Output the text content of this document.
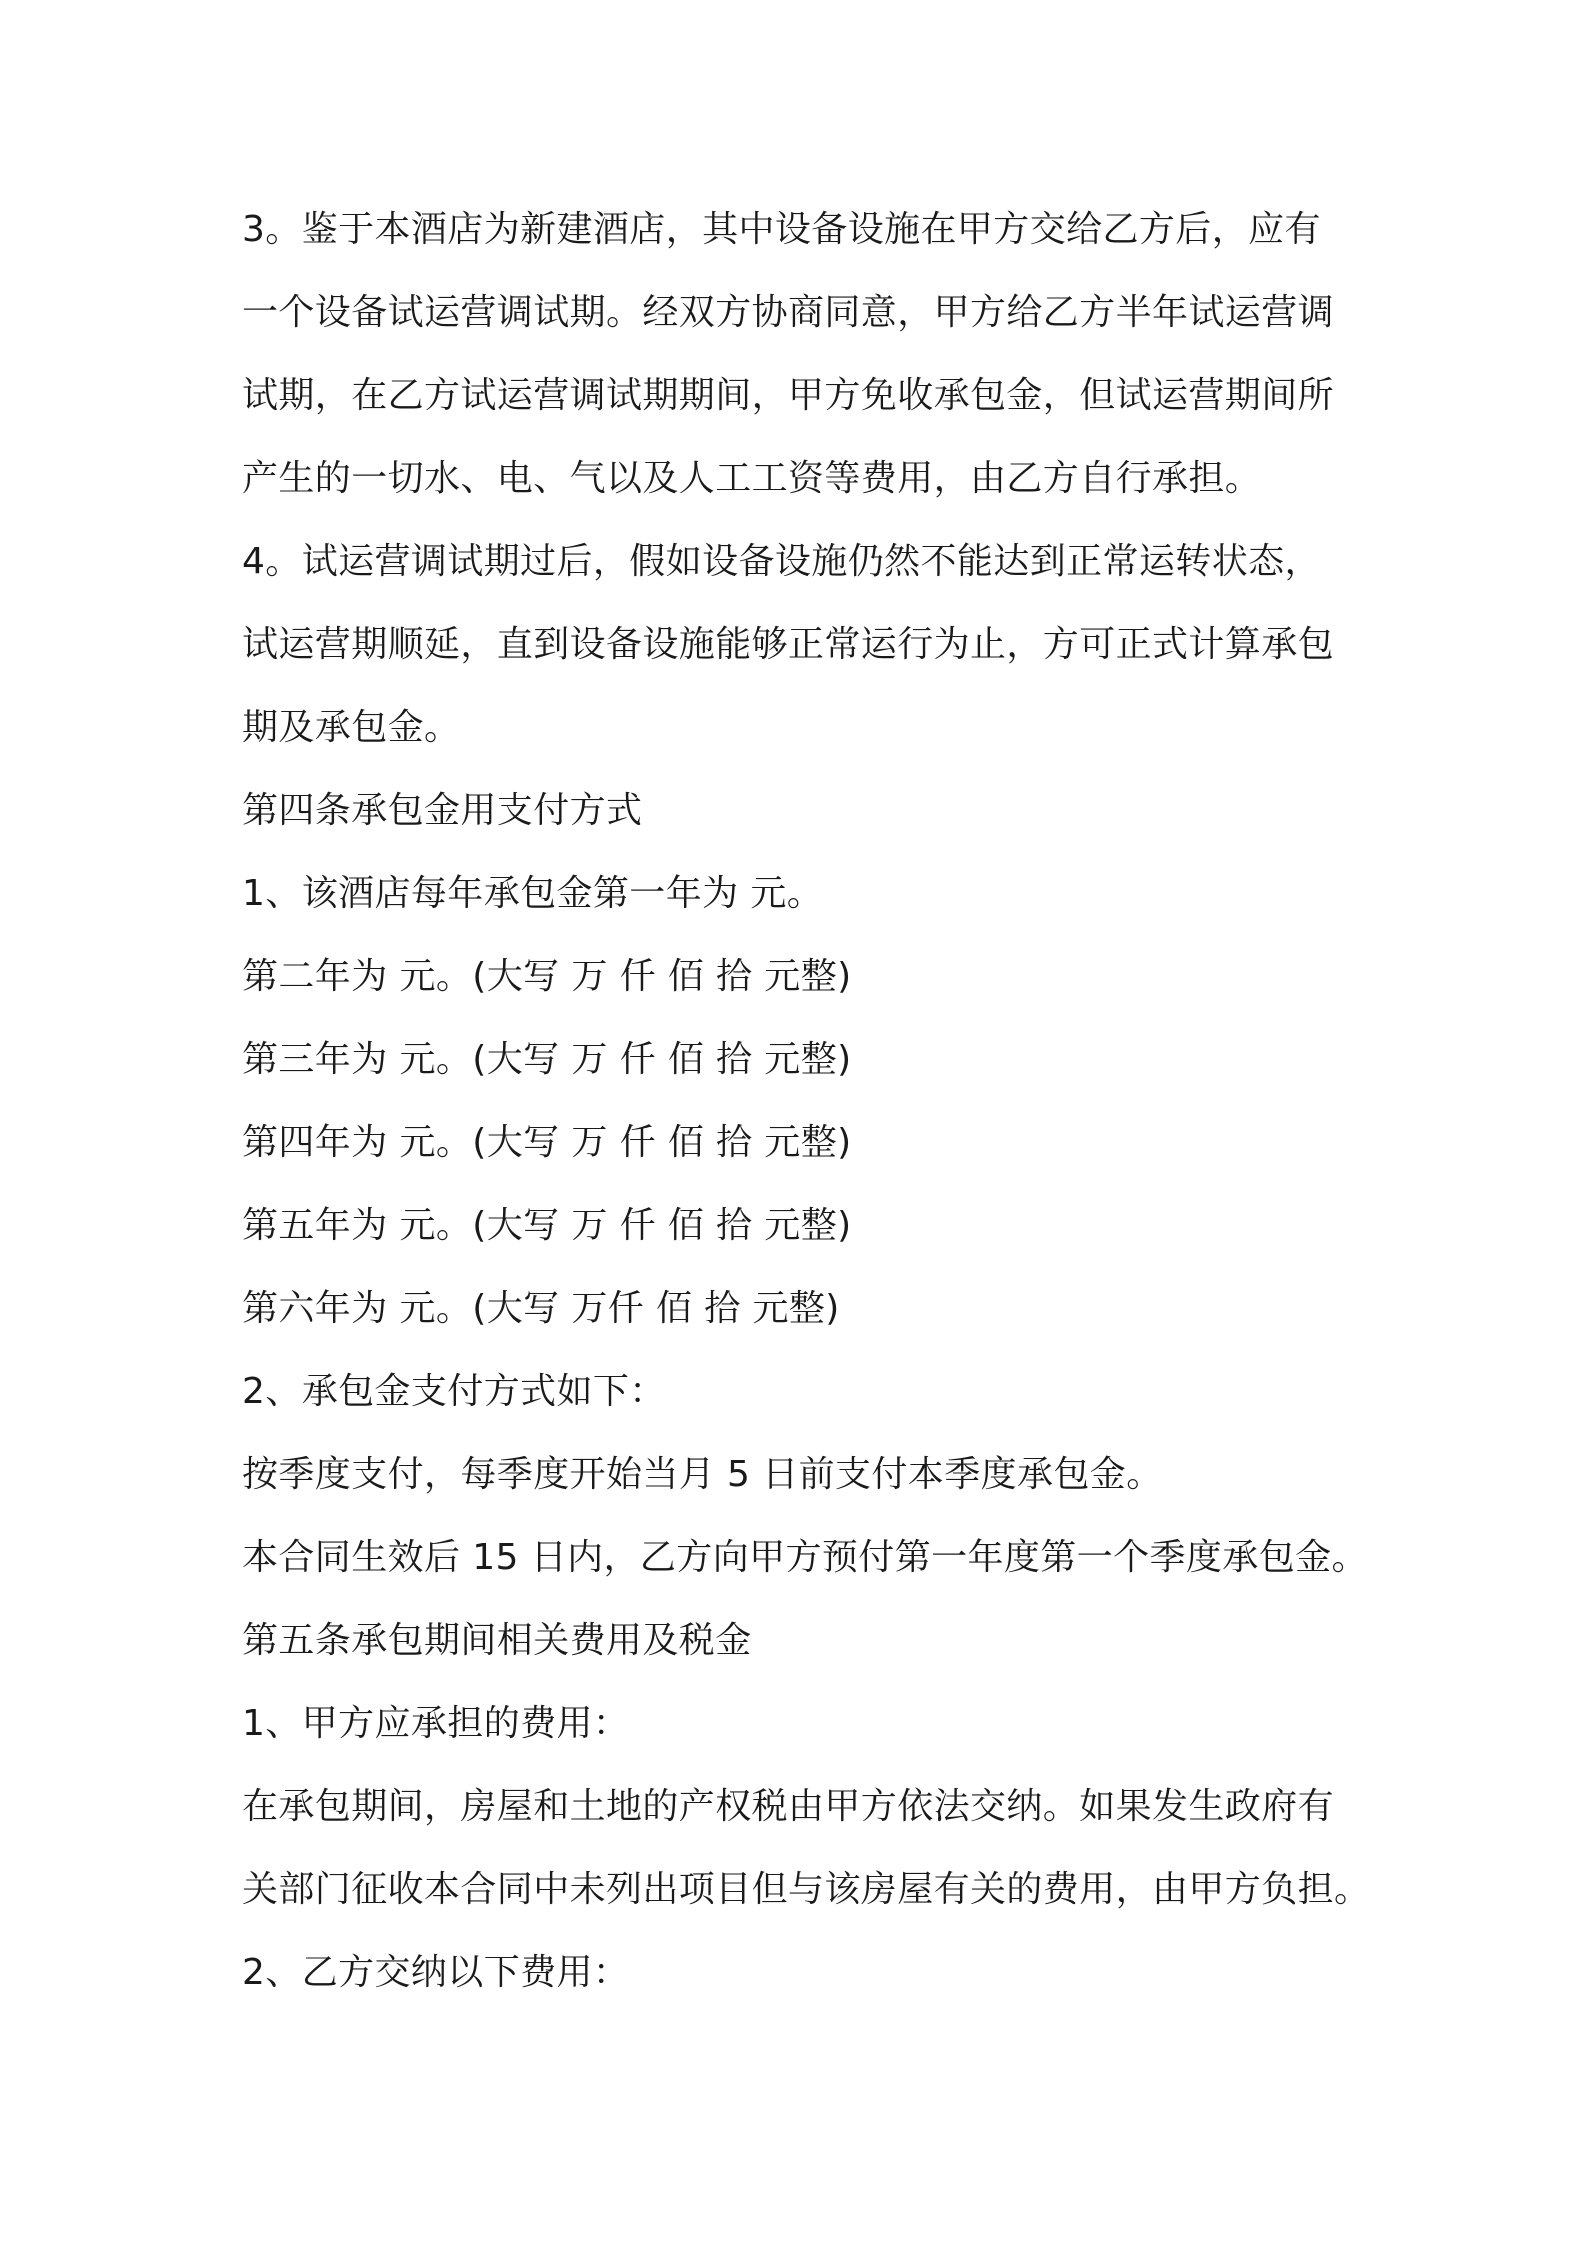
3。鉴于本酒店为新建酒店，其中设备设施在甲方交给乙方后，应有

一个设备试运营调试期。经双方协商同意，甲方给乙方半年试运营调

试期，在乙方试运营调试期期间，甲方免收承包金，但试运营期间所

产生的一切水、电、气以及人工工资等费用，由乙方自行承担。

4。试运营调试期过后，假如设备设施仍然不能达到正常运转状态，

试运营期顺延，直到设备设施能够正常运行为止，方可正式计算承包

期及承包金。

第四条承包金用支付方式

1、该酒店每年承包金第一年为 元。

第二年为 元。(大写 万 仟 佰 拾 元整)

第三年为 元。(大写 万 仟 佰 拾 元整)

第四年为 元。(大写 万 仟 佰 拾 元整)

第五年为 元。(大写 万 仟 佰 拾 元整)

第六年为 元。(大写 万仟 佰 拾 元整)

2、承包金支付方式如下：

按季度支付，每季度开始当月 5 日前支付本季度承包金。

本合同生效后 15 日内，乙方向甲方预付第一年度第一个季度承包金。

第五条承包期间相关费用及税金

1、甲方应承担的费用：

在承包期间，房屋和土地的产权税由甲方依法交纳。如果发生政府有

关部门征收本合同中未列出项目但与该房屋有关的费用，由甲方负担。

2、乙方交纳以下费用：
